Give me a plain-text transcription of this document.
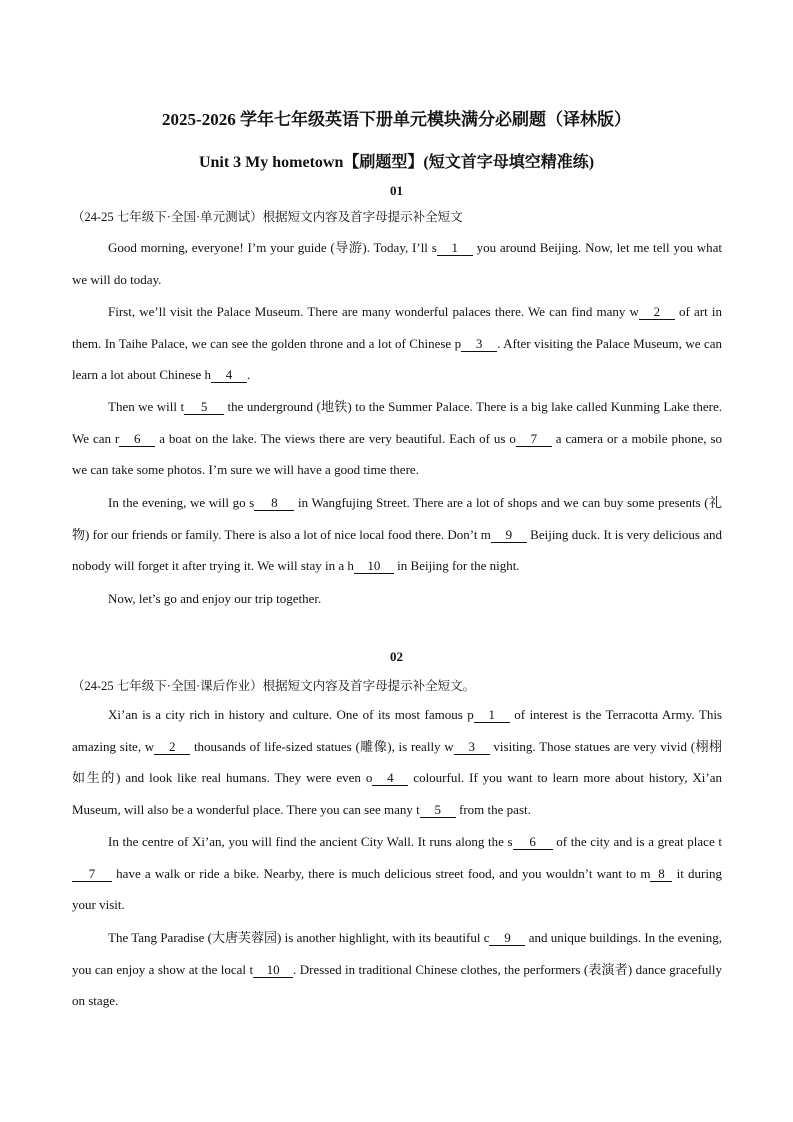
2025-2026 学年七年级英语下册单元模块满分必刷题（译林版）
Unit 3 My hometown【刷题型】(短文首字母填空精准练)
01
（24-25 七年级下·全国·单元测试）根据短文内容及首字母提示补全短文
Good morning, everyone! I’m your guide (导游). Today, I’ll s 1 you around Beijing. Now, let me tell you what we will do today.
First, we’ll visit the Palace Museum. There are many wonderful palaces there. We can find many w 2 of art in them. In Taihe Palace, we can see the golden throne and a lot of Chinese p 3 . After visiting the Palace Museum, we can learn a lot about Chinese h 4 .
Then we will t 5 the underground (地铁) to the Summer Palace. There is a big lake called Kunming Lake there. We can r 6 a boat on the lake. The views there are very beautiful. Each of us o 7 a camera or a mobile phone, so we can take some photos. I’m sure we will have a good time there.
In the evening, we will go s 8 in Wangfujing Street. There are a lot of shops and we can buy some presents (礼物) for our friends or family. There is also a lot of nice local food there. Don’t m 9 Beijing duck. It is very delicious and nobody will forget it after trying it. We will stay in a h 10 in Beijing for the night.
Now, let’s go and enjoy our trip together.
02
（24-25 七年级下·全国·课后作业）根据短文内容及首字母提示补全短文。
Xi’an is a city rich in history and culture. One of its most famous p 1 of interest is the Terracotta Army. This amazing site, w 2 thousands of life-sized statues (雕像), is really w 3 visiting. Those statues are very vivid (栩栩如生的) and look like real humans. They were even o 4 colourful. If you want to learn more about history, Xi’an Museum, will also be a wonderful place. There you can see many t 5 from the past.
In the centre of Xi’an, you will find the ancient City Wall. It runs along the s 6 of the city and is a great place t7 have a walk or ride a bike. Nearby, there is much delicious street food, and you wouldn’t want to m 8 it during your visit.
The Tang Paradise (大唐芙蓉园) is another highlight, with its beautiful c 9 and unique buildings. In the evening, you can enjoy a show at the local t 10 . Dressed in traditional Chinese clothes, the performers (表演者) dance gracefully on stage.
